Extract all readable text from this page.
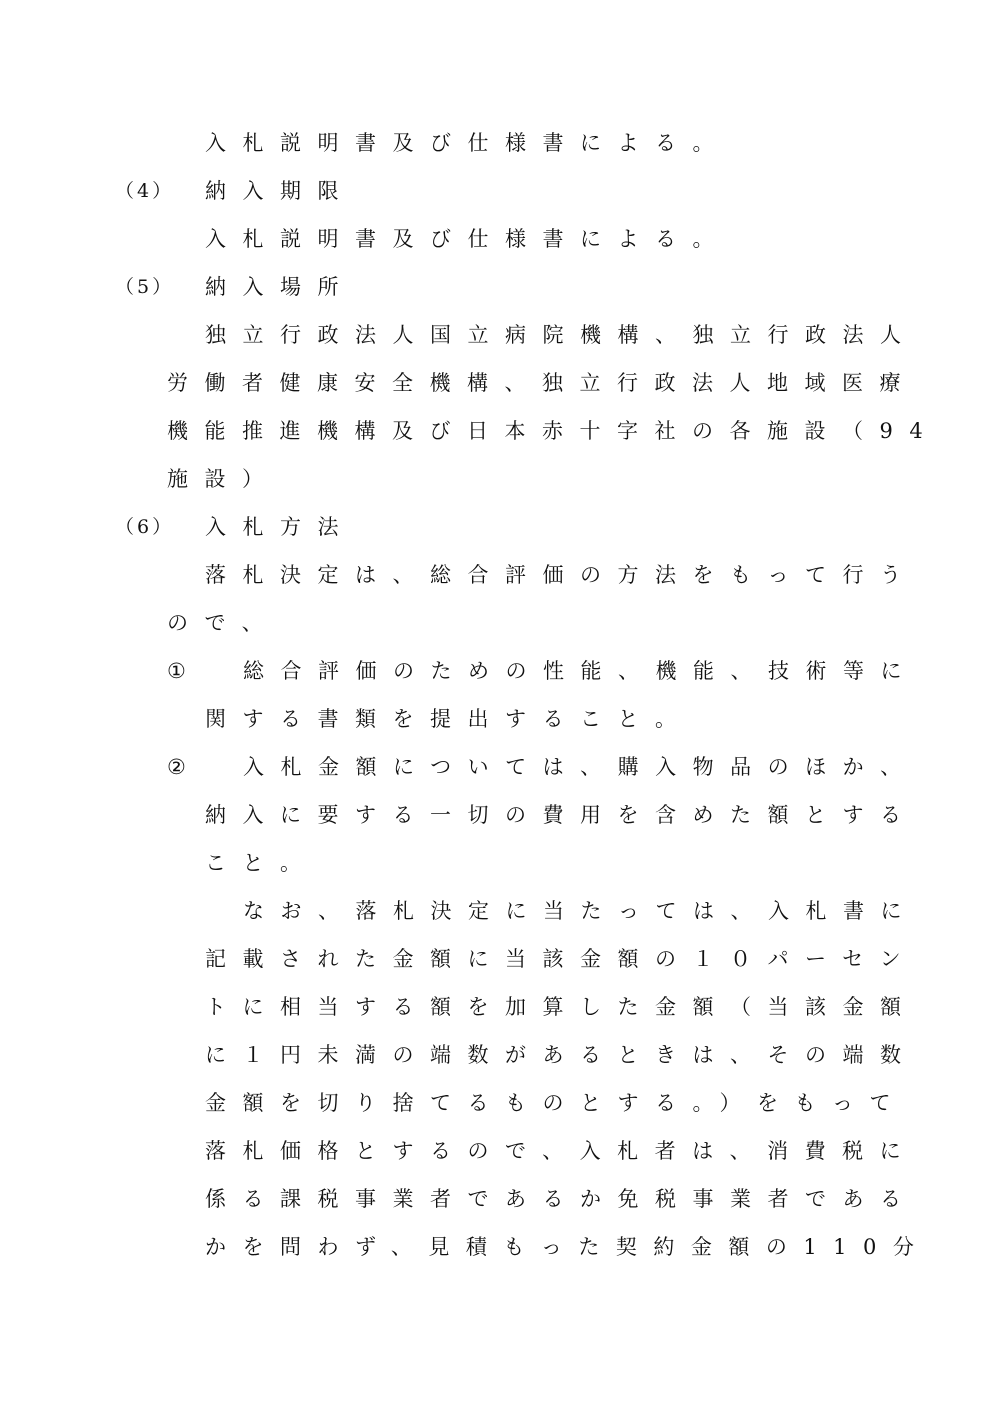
入札説明書及び仕様書による。
（4） 納入期限
入札説明書及び仕様書による。
（5） 納入場所
独立行政法人国立病院機構、独立行政法人
労働者健康安全機構、独立行政法人地域医療
機能推進機構及び日本赤十字社の各施設（94
施設）
（6） 入札方法
落札決定は、総合評価の方法をもって行う
ので、
①	総合評価のための性能、機能、技術等に
関する書類を提出すること。
②	入札金額については、購入物品のほか、
納入に要する一切の費用を含めた額とする
こと。
なお、落札決定に当たっては、入札書に
記載された金額に当該金額の１０パーセン
トに相当する額を加算した金額（当該金額
に１円未満の端数があるときは、その端数
金額を切り捨てるものとする。）をもって
落札価格とするので、入札者は、消費税に
係る課税事業者であるか免税事業者である
かを問わず、見積もった契約金額の110分
